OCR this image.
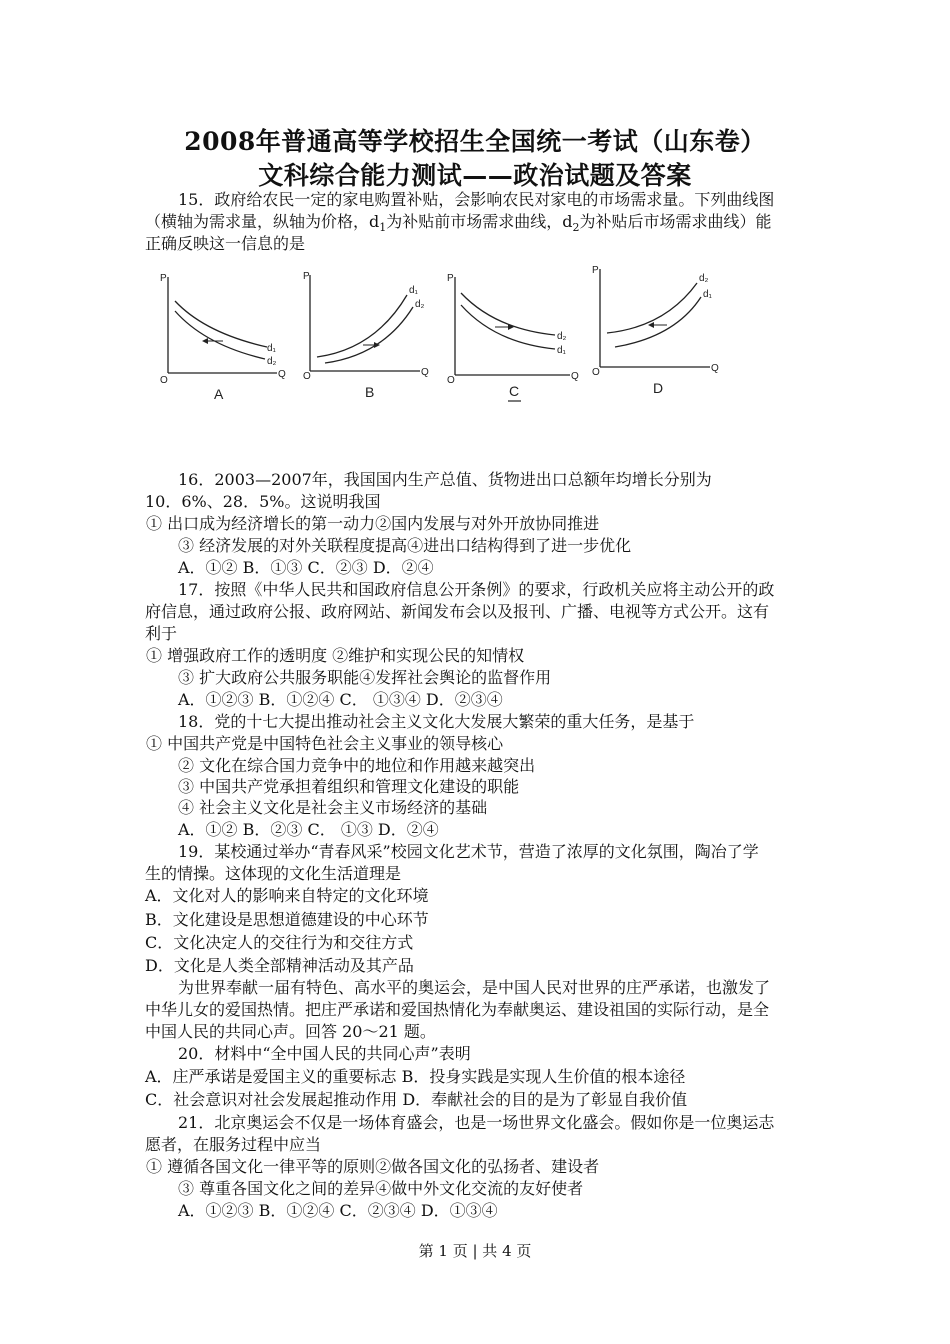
2008年普通高等学校招生全国统一考试（山东卷）
文科综合能力测试——政治试题及答案
15．政府给农民一定的家电购置补贴，会影响农民对家电的市场需求量。下列曲线图
（横轴为需求量，纵轴为价格，$d_1$为补贴前市场需求曲线，$d_2$为补贴后市场需求曲线）能
正确反映这一信息的是
P
O
Q
d₁
d₂
A
P
O	Q
d₁
d₂
B
P
O	Q
d₂
d₁
C
P
O	Q
d₂
d₁
D
16．2003—2007年，我国国内生产总值、货物进出口总额年均增长分别为
10．6%、28．5%。这说明我国
① 出口成为经济增长的第一动力②国内发展与对外开放协同推进
③ 经济发展的对外关联程度提高④进出口结构得到了进一步优化
A．①② B．①③ C．②③ D．②④
17．按照《中华人民共和国政府信息公开条例》的要求，行政机关应将主动公开的政
府信息，通过政府公报、政府网站、新闻发布会以及报刊、广播、电视等方式公开。这有
利于
① 增强政府工作的透明度 ②维护和实现公民的知情权
③ 扩大政府公共服务职能④发挥社会舆论的监督作用
A．①②③ B．①②④ C． ①③④ D．②③④
18．党的十七大提出推动社会主义文化大发展大繁荣的重大任务，是基于
① 中国共产党是中国特色社会主义事业的领导核心
② 文化在综合国力竞争中的地位和作用越来越突出
③ 中国共产党承担着组织和管理文化建设的职能
④ 社会主义文化是社会主义市场经济的基础
A．①② B．②③ C． ①③ D．②④
19．某校通过举办“青春风采”校园文化艺术节，营造了浓厚的文化氛围，陶冶了学
生的情操。这体现的文化生活道理是
A．文化对人的影响来自特定的文化环境
B．文化建设是思想道德建设的中心环节
C．文化决定人的交往行为和交往方式
D．文化是人类全部精神活动及其产品
为世界奉献一届有特色、高水平的奥运会，是中国人民对世界的庄严承诺，也激发了
中华儿女的爱国热情。把庄严承诺和爱国热情化为奉献奥运、建设祖国的实际行动，是全
中国人民的共同心声。回答 20～21 题。
20．材料中“全中国人民的共同心声”表明
A．庄严承诺是爱国主义的重要标志 B．投身实践是实现人生价值的根本途径
C．社会意识对社会发展起推动作用 D．奉献社会的目的是为了彰显自我价值
21．北京奥运会不仅是一场体育盛会，也是一场世界文化盛会。假如你是一位奥运志
愿者，在服务过程中应当
① 遵循各国文化一律平等的原则②做各国文化的弘扬者、建设者
③ 尊重各国文化之间的差异④做中外文化交流的友好使者
A．①②③ B．①②④ C．②③④ D．①③④
第 1 页 | 共 4 页
